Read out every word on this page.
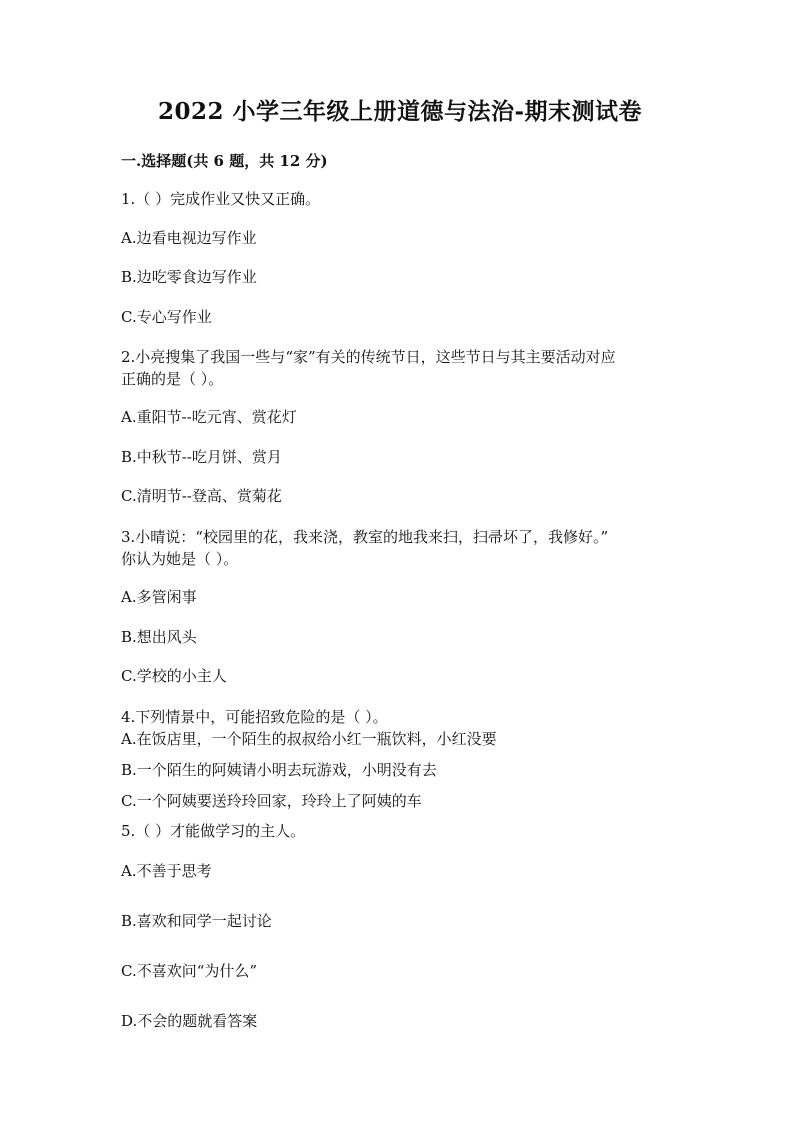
2022 小学三年级上册道德与法治-期末测试卷
一.选择题(共 6 题，共 12 分)
1.（ ）完成作业又快又正确。
A.边看电视边写作业
B.边吃零食边写作业
C.专心写作业
2.小亮搜集了我国一些与“家”有关的传统节日，这些节日与其主要活动对应
正确的是（ ）。
A.重阳节--吃元宵、赏花灯
B.中秋节--吃月饼、赏月
C.清明节--登高、赏菊花
3.小晴说：“校园里的花，我来浇，教室的地我来扫，扫帚坏了，我修好。”
你认为她是（ ）。
A.多管闲事
B.想出风头
C.学校的小主人
4.下列情景中，可能招致危险的是（ ）。
A.在饭店里，一个陌生的叔叔给小红一瓶饮料，小红没要
B.一个陌生的阿姨请小明去玩游戏，小明没有去
C.一个阿姨要送玲玲回家，玲玲上了阿姨的车
5.（ ）才能做学习的主人。
A.不善于思考
B.喜欢和同学一起讨论
C.不喜欢问“为什么”
D.不会的题就看答案
